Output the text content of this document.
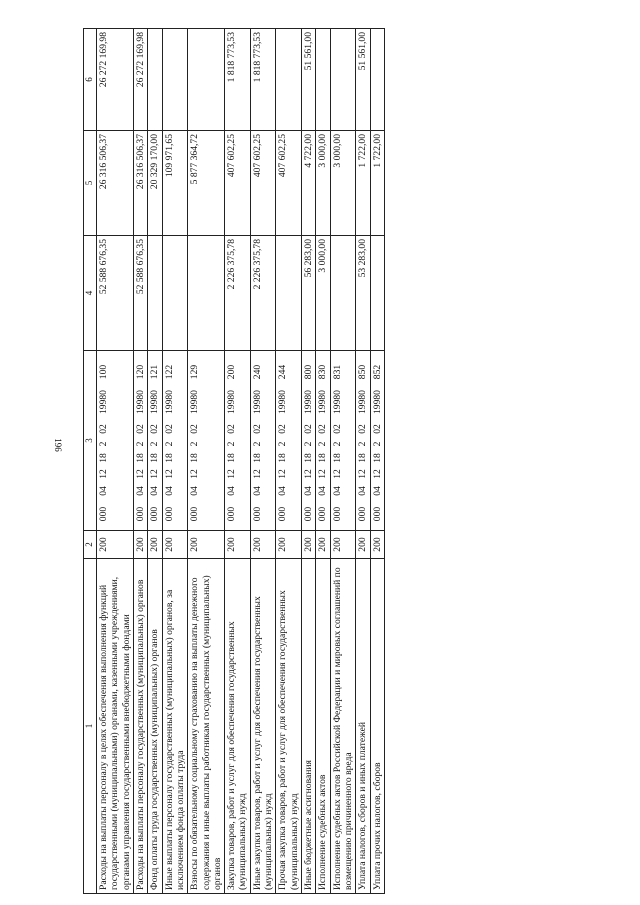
196
1	2	3	4	5	6
Расходы на выплаты персоналу в целях обеспечения выполнения функций государственными (муниципальными) органами, казенными учреждениями, органами управления государственными внебюджетными фондами	200	00004121820219980100	52 588 676,35	26 316 506,37	26 272 169,98
Расходы на выплаты персоналу государственных (муниципальных) органов	200	00004121820219980120	52 588 676,35	26 316 506,37	26 272 169,98
Фонд оплаты труда государственных (муниципальных) органов	200	00004121820219980121		20 329 170,00	
Иные выплаты персоналу государственных (муниципальных) органов, за исключением фонда оплаты труда	200	00004121820219980122		109 971,65	
Взносы по обязательному социальному страхованию на выплаты денежного содержания и иные выплаты работникам государственных (муниципальных) органов	200	00004121820219980129		5 877 364,72	
Закупка товаров, работ и услуг для обеспечения государственных (муниципальных) нужд	200	00004121820219980200	2 226 375,78	407 602,25	1 818 773,53
Иные закупки товаров, работ и услуг для обеспечения государственных (муниципальных) нужд	200	00004121820219980240	2 226 375,78	407 602,25	1 818 773,53
Прочая закупка товаров, работ и услуг для обеспечения государственных (муниципальных) нужд	200	00004121820219980244		407 602,25	
Иные бюджетные ассигнования	200	00004121820219980800	56 283,00	4 722,00	51 561,00
Исполнение судебных актов	200	00004121820219980830	3 000,00	3 000,00	
Исполнение судебных актов Российской Федерации и мировых соглашений по возмещению причиненного вреда	200	00004121820219980831		3 000,00	
Уплата налогов, сборов и иных платежей	200	00004121820219980850	53 283,00	1 722,00	51 561,00
Уплата прочих налогов, сборов	200	00004121820219980852		1 722,00	
